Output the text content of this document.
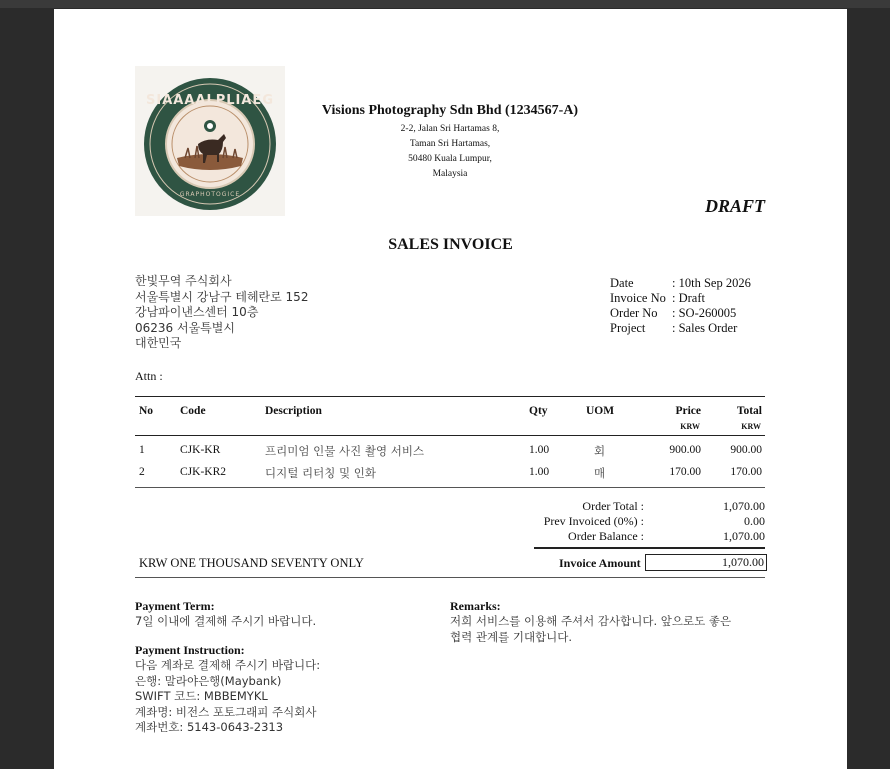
SIAAAALPLIAEG
GRAPHOTOGICE
Visions Photography Sdn Bhd (1234567-A)
2-2, Jalan Sri Hartamas 8,
Taman Sri Hartamas,
50480 Kuala Lumpur,
Malaysia
DRAFT
SALES INVOICE
한빛무역 주식회사
서울특별시 강남구 테헤란로 152
강남파이낸스센터 10층
06236 서울특별시
대한민국
Date	: 10th Sep 2026
Invoice No : Draft
Order No	: SO-260005
Project	: Sales Order
Attn :
No Code	Description	Qty	UOM	Price	Total
KRW	KRW
1	CJK-KR	프리미엄 인물 사진 촬영 서비스	1.00	회	900.00	900.00
2	CJK-KR2	디지털 리터칭 및 인화	1.00	매	170.00	170.00
Order Total :	1,070.00
Prev Invoiced (0%) :	0.00
Order Balance :	1,070.00
KRW ONE THOUSAND SEVENTY ONLY	Invoice Amount	1,070.00
Payment Term:
7일 이내에 결제해 주시기 바랍니다.
Payment Instruction:
다음 계좌로 결제해 주시기 바랍니다:
은행: 말라야은행(Maybank)
SWIFT 코드: MBBEMYKL
계좌명: 비전스 포토그래피 주식회사
계좌번호: 5143-0643-2313
Remarks:
저희 서비스를 이용해 주셔서 감사합니다. 앞으로도 좋은
협력 관계를 기대합니다.
